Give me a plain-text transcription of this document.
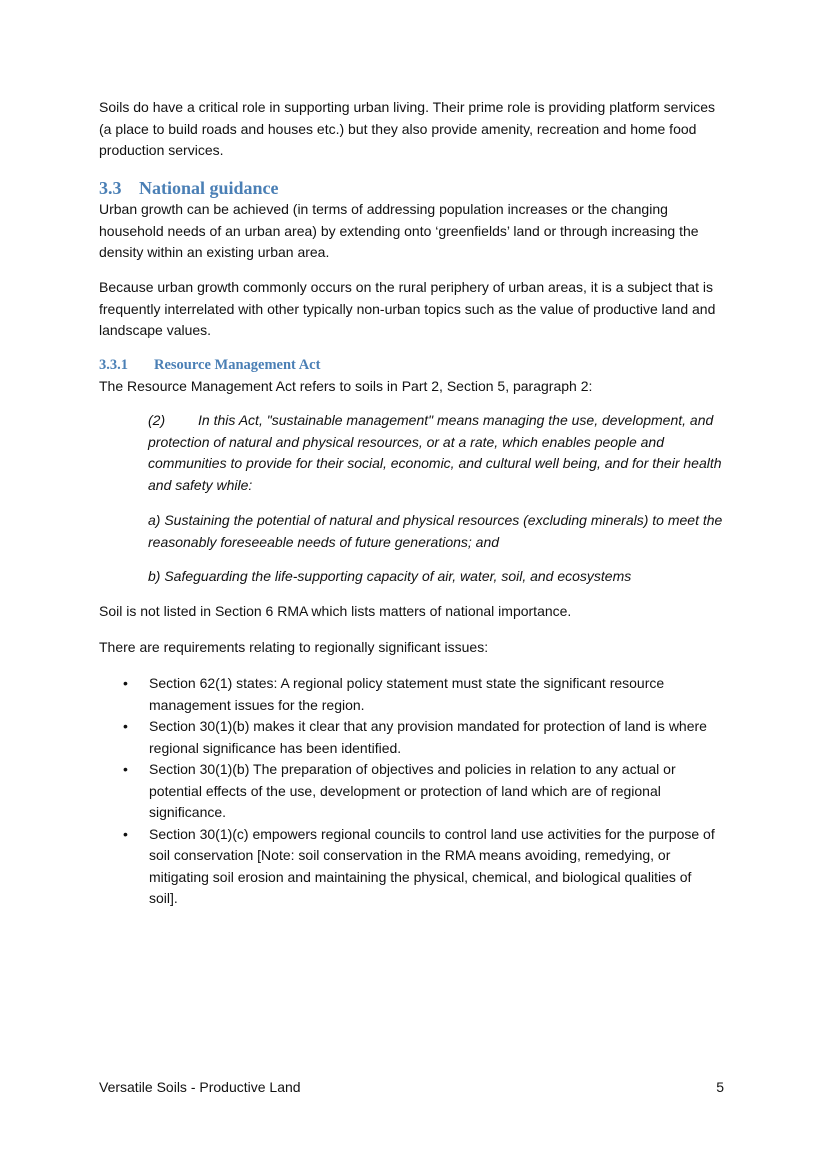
Soils do have a critical role in supporting urban living. Their prime role is providing platform services (a place to build roads and houses etc.) but they also provide amenity, recreation and home food production services.

3.3 National guidance

Urban growth can be achieved (in terms of addressing population increases or the changing household needs of an urban area) by extending onto ‘greenfields’ land or through increasing the density within an existing urban area.

Because urban growth commonly occurs on the rural periphery of urban areas, it is a subject that is frequently interrelated with other typically non-urban topics such as the value of productive land and landscape values.

3.3.1 Resource Management Act

The Resource Management Act refers to soils in Part 2, Section 5, paragraph 2:

(2) In this Act, "sustainable management" means managing the use, development, and protection of natural and physical resources, or at a rate, which enables people and communities to provide for their social, economic, and cultural well being, and for their health and safety while:

a) Sustaining the potential of natural and physical resources (excluding minerals) to meet the reasonably foreseeable needs of future generations; and

b) Safeguarding the life-supporting capacity of air, water, soil, and ecosystems

Soil is not listed in Section 6 RMA which lists matters of national importance.

There are requirements relating to regionally significant issues:

• Section 62(1) states: A regional policy statement must state the significant resource management issues for the region.
• Section 30(1)(b) makes it clear that any provision mandated for protection of land is where regional significance has been identified.
• Section 30(1)(b) The preparation of objectives and policies in relation to any actual or potential effects of the use, development or protection of land which are of regional significance.
• Section 30(1)(c) empowers regional councils to control land use activities for the purpose of soil conservation [Note: soil conservation in the RMA means avoiding, remedying, or mitigating soil erosion and maintaining the physical, chemical, and biological qualities of soil].
Versatile Soils - Productive Land	5
